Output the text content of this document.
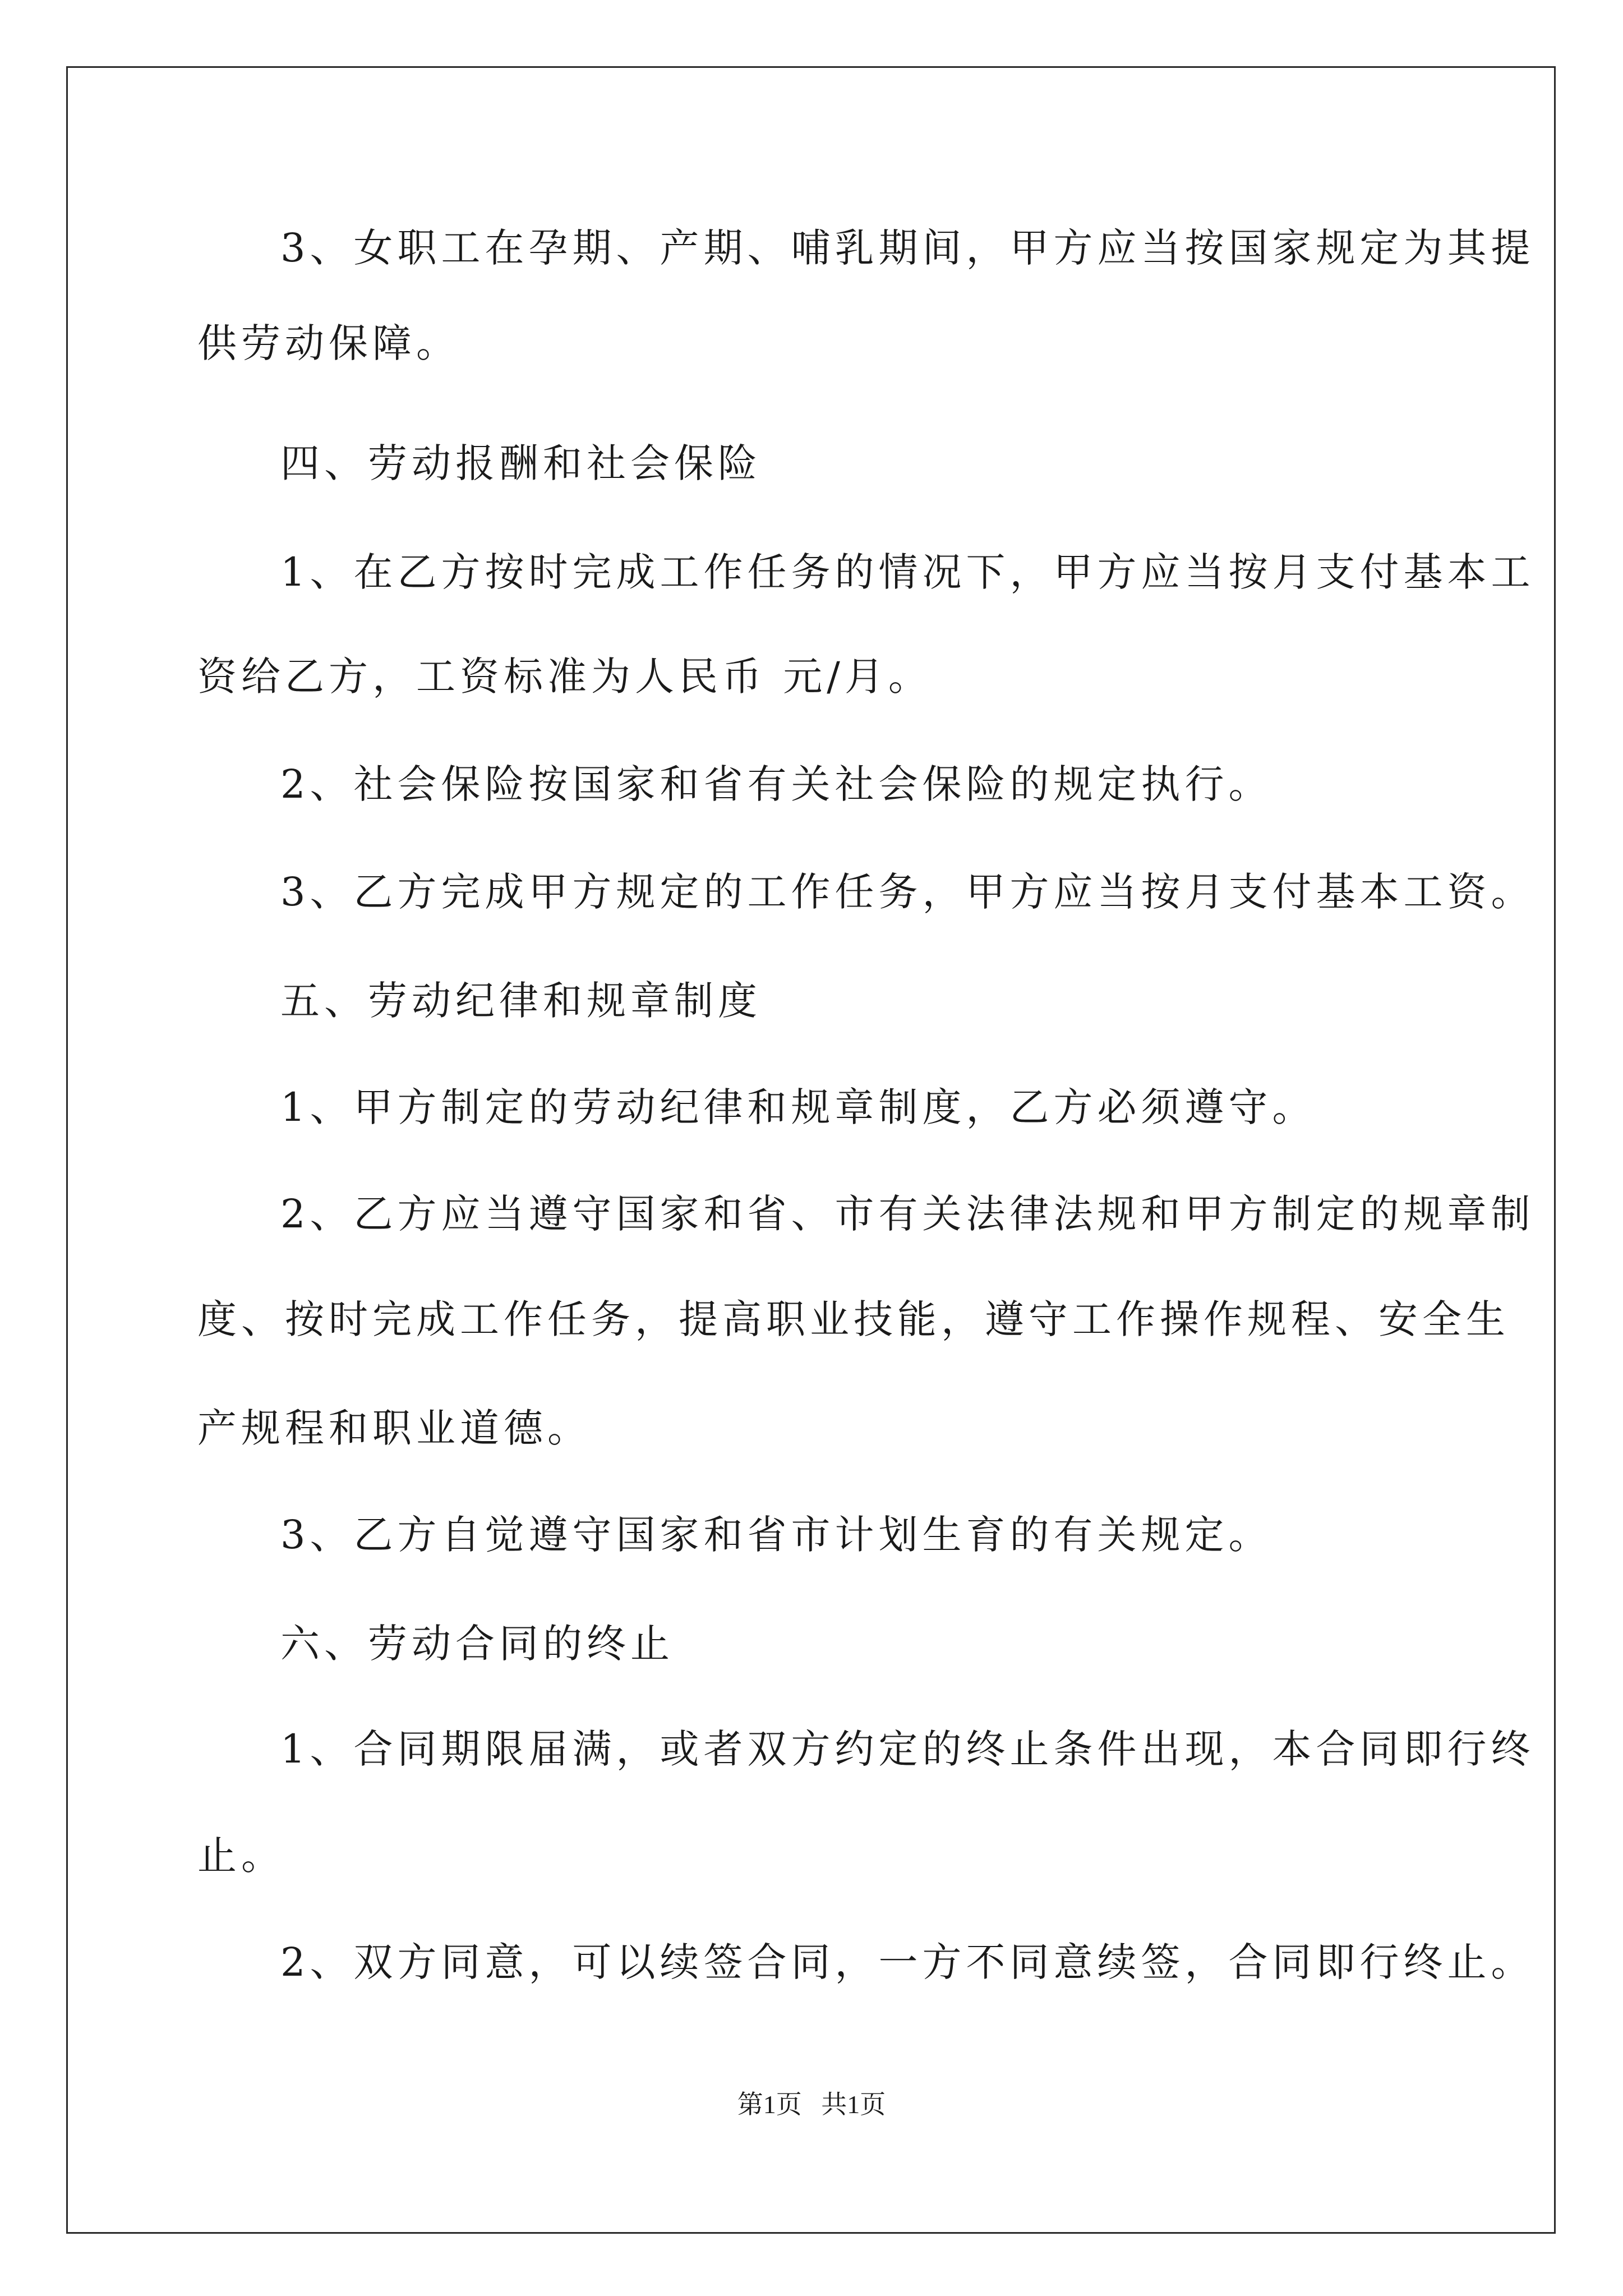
3、女职工在孕期、产期、哺乳期间，甲方应当按国家规定为其提
供劳动保障。
四、劳动报酬和社会保险
1、在乙方按时完成工作任务的情况下，甲方应当按月支付基本工
资给乙方，工资标准为人民币 元/月。
2、社会保险按国家和省有关社会保险的规定执行。
3、乙方完成甲方规定的工作任务，甲方应当按月支付基本工资。
五、劳动纪律和规章制度
1、甲方制定的劳动纪律和规章制度，乙方必须遵守。
2、乙方应当遵守国家和省、市有关法律法规和甲方制定的规章制
度、按时完成工作任务，提高职业技能，遵守工作操作规程、安全生
产规程和职业道德。
3、乙方自觉遵守国家和省市计划生育的有关规定。
六、劳动合同的终止
1、合同期限届满，或者双方约定的终止条件出现，本合同即行终
止。
2、双方同意，可以续签合同，一方不同意续签，合同即行终止。
第1页   共1页
